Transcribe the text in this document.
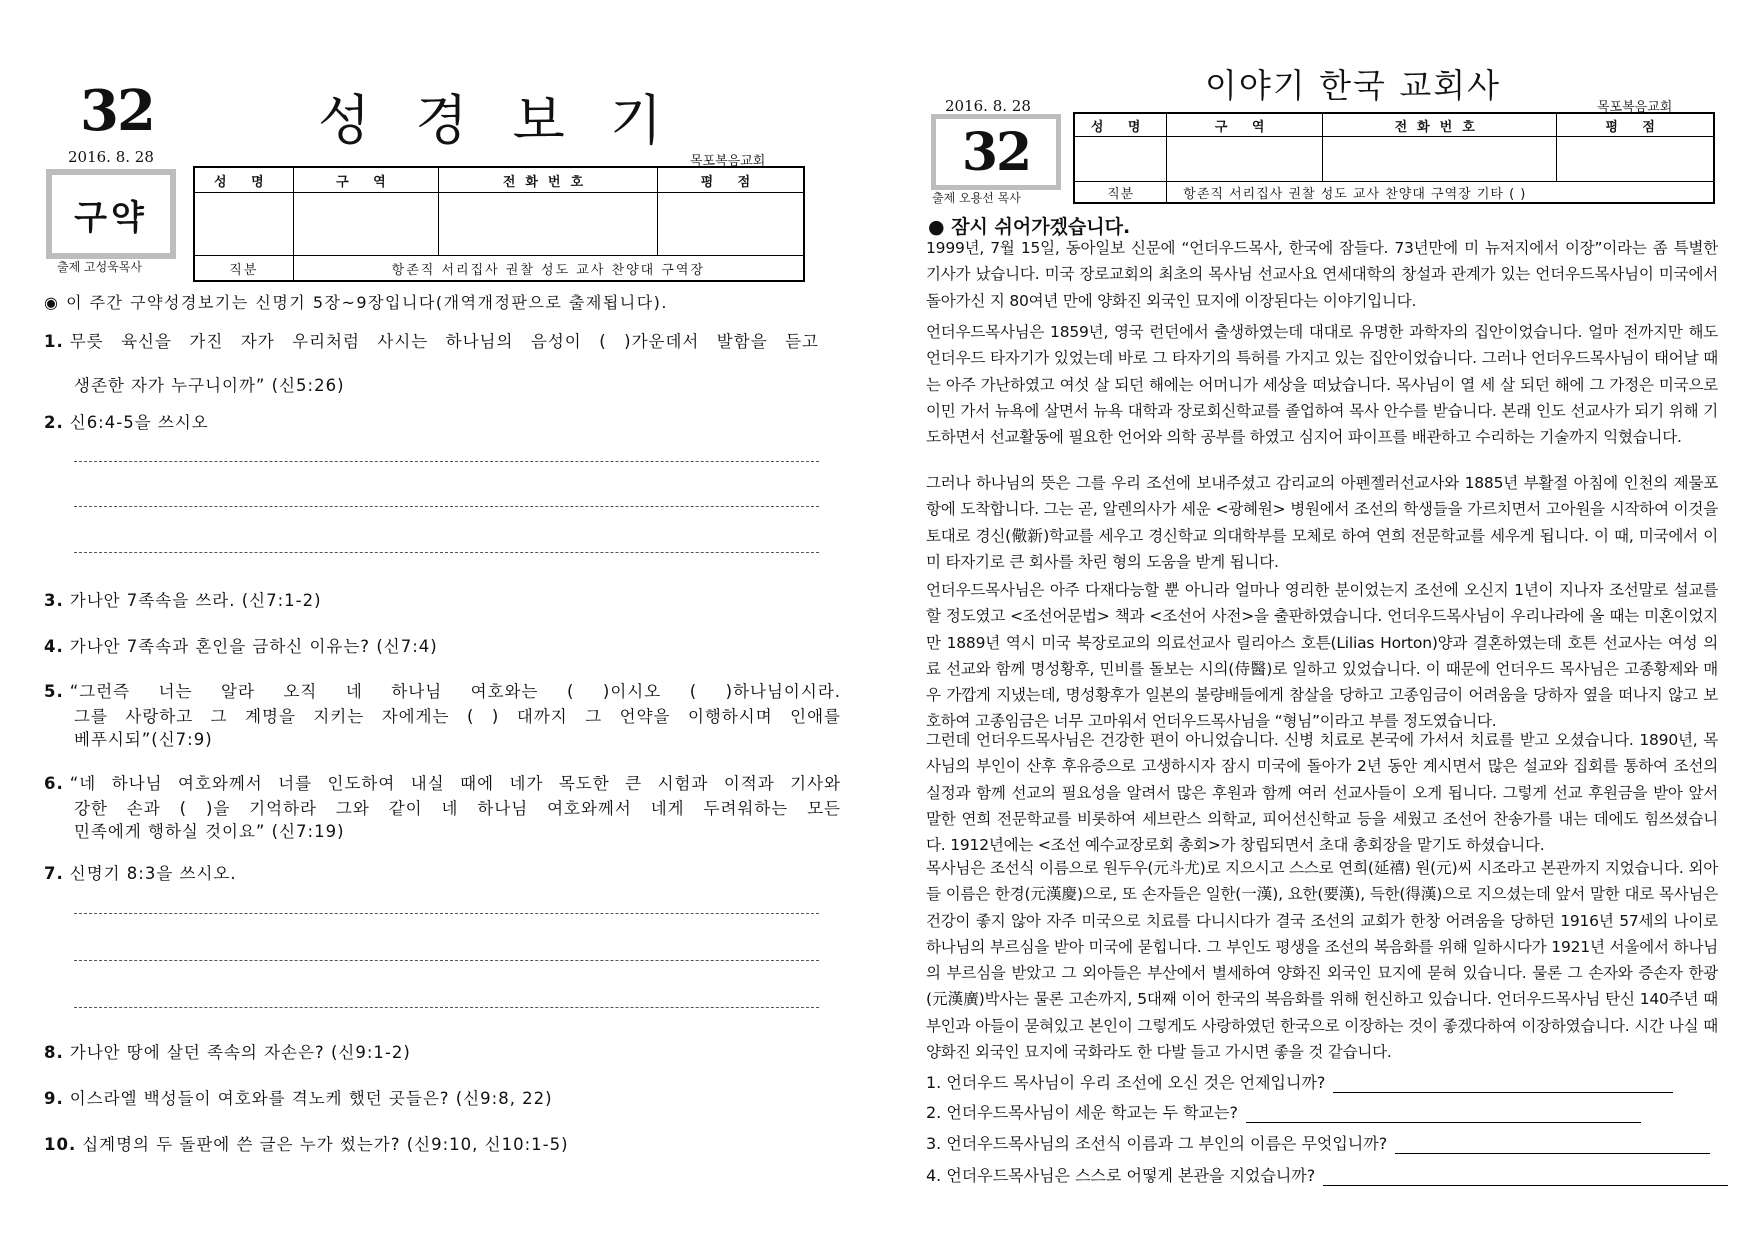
32	성 경 보 기
2016. 8. 28	목포복음교회
구약
출제 고성욱목사
성 명	구 역	전화번호	평 점

직분	항존직 서리집사 권찰 성도 교사 찬양대 구역장		
◉ 이 주간 구약성경보기는 신명기 5장~9장입니다(개역개정판으로 출제됩니다).
1. 무릇 육신을 가진 자가 우리처럼 사시는 하나님의 음성이 ( )가운데서 발함을 듣고
생존한 자가 누구니이까” (신5:26)
2. 신6:4-5을 쓰시오
3. 가나안 7족속을 쓰라. (신7:1-2)
4. 가나안 7족속과 혼인을 금하신 이유는? (신7:4)
5. “그런즉 너는 알라 오직 네 하나님 여호와는 ( )이시오 ( )하나님이시라.
그를 사랑하고 그 계명을 지키는 자에게는 ( ) 대까지 그 언약을 이행하시며 인애를
베푸시되”(신7:9)
6. “네 하나님 여호와께서 너를 인도하여 내실 때에 네가 목도한 큰 시험과 이적과 기사와
강한 손과 ( )을 기억하라 그와 같이 네 하나님 여호와께서 네게 두려워하는 모든
민족에게 행하실 것이요” (신7:19)
7. 신명기 8:3을 쓰시오.
8. 가나안 땅에 살던 족속의 자손은? (신9:1-2)
9. 이스라엘 백성들이 여호와를 격노케 했던 곳들은? (신9:8, 22)
10. 십계명의 두 돌판에 쓴 글은 누가 썼는가? (신9:10, 신10:1-5)
이야기 한국 교회사
2016. 8. 28	목포복음교회
32
출제 오용선 목사
성 명	구 역	전화번호	평 점

직분	항존직 서리집사 권찰 성도 교사 찬양대 구역장 기타 ( )		
● 잠시 쉬어가겠습니다.
1999년, 7월 15일, 동아일보 신문에 “언더우드목사, 한국에 잠들다. 73년만에 미 뉴저지에서 이장”이라는 좀 특별한 기사가 났습니다. 미국 장로교회의 최초의 목사님 선교사요 연세대학의 창설과 관계가 있는 언더우드목사님이 미국에서 돌아가신 지 80여년 만에 양화진 외국인 묘지에 이장된다는 이야기입니다.
언더우드목사님은 1859년, 영국 런던에서 출생하였는데 대대로 유명한 과학자의 집안이었습니다. 얼마 전까지만 해도 언더우드 타자기가 있었는데 바로 그 타자기의 특허를 가지고 있는 집안이었습니다. 그러나 언더우드목사님이 태어날 때는 아주 가난하였고 여섯 살 되던 해에는 어머니가 세상을 떠났습니다. 목사님이 열 세 살 되던 해에 그 가정은 미국으로 이민 가서 뉴욕에 살면서 뉴욕 대학과 장로회신학교를 졸업하여 목사 안수를 받습니다. 본래 인도 선교사가 되기 위해 기도하면서 선교활동에 필요한 언어와 의학 공부를 하였고 심지어 파이프를 배관하고 수리하는 기술까지 익혔습니다.
그러나 하나님의 뜻은 그를 우리 조선에 보내주셨고 감리교의 아펜젤러선교사와 1885년 부활절 아침에 인천의 제물포 항에 도착합니다. 그는 곧, 알렌의사가 세운 <광혜원> 병원에서 조선의 학생들을 가르치면서 고아원을 시작하여 이것을 토대로 경신(儆新)학교를 세우고 경신학교 의대학부를 모체로 하여 연희 전문학교를 세우게 됩니다. 이 때, 미국에서 이미 타자기로 큰 회사를 차린 형의 도움을 받게 됩니다.
언더우드목사님은 아주 다재다능할 뿐 아니라 얼마나 영리한 분이었는지 조선에 오신지 1년이 지나자 조선말로 설교를 할 정도였고 <조선어문법> 책과 <조선어 사전>을 출판하였습니다. 언더우드목사님이 우리나라에 올 때는 미혼이었지만 1889년 역시 미국 북장로교의 의료선교사 릴리아스 호튼(Lilias Horton)양과 결혼하였는데 호튼 선교사는 여성 의료 선교와 함께 명성황후, 민비를 돌보는 시의(侍醫)로 일하고 있었습니다. 이 때문에 언더우드 목사님은 고종황제와 매우 가깝게 지냈는데, 명성황후가 일본의 불량배들에게 참살을 당하고 고종임금이 어려움을 당하자 옆을 떠나지 않고 보호하여 고종임금은 너무 고마워서 언더우드목사님을 “형님”이라고 부를 정도였습니다.
그런데 언더우드목사님은 건강한 편이 아니었습니다. 신병 치료로 본국에 가서서 치료를 받고 오셨습니다. 1890년, 목사님의 부인이 산후 후유증으로 고생하시자 잠시 미국에 돌아가 2년 동안 계시면서 많은 설교와 집회를 통하여 조선의 실정과 함께 선교의 필요성을 알려서 많은 후원과 함께 여러 선교사들이 오게 됩니다. 그렇게 선교 후원금을 받아 앞서 말한 연희 전문학교를 비롯하여 세브란스 의학교, 피어선신학교 등을 세웠고 조선어 찬송가를 내는 데에도 힘쓰셨습니다. 1912년에는 <조선 예수교장로회 총회>가 창립되면서 초대 총회장을 맡기도 하셨습니다.
목사님은 조선식 이름으로 원두우(元斗尤)로 지으시고 스스로 연희(延禧) 원(元)씨 시조라고 본관까지 지었습니다. 외아들 이름은 한경(元漢慶)으로, 또 손자들은 일한(一漢), 요한(要漢), 득한(得漢)으로 지으셨는데 앞서 말한 대로 목사님은 건강이 좋지 않아 자주 미국으로 치료를 다니시다가 결국 조선의 교회가 한창 어려움을 당하던 1916년 57세의 나이로 하나님의 부르심을 받아 미국에 묻힙니다. 그 부인도 평생을 조선의 복음화를 위해 일하시다가 1921년 서울에서 하나님의 부르심을 받았고 그 외아들은 부산에서 별세하여 양화진 외국인 묘지에 묻혀 있습니다. 물론 그 손자와 증손자 한광(元漢廣)박사는 물론 고손까지, 5대째 이어 한국의 복음화를 위해 헌신하고 있습니다. 언더우드목사님 탄신 140주년 때 부인과 아들이 묻혀있고 본인이 그렇게도 사랑하였던 한국으로 이장하는 것이 좋겠다하여 이장하였습니다. 시간 나실 때 양화진 외국인 묘지에 국화라도 한 다발 들고 가시면 좋을 것 같습니다.
1. 언더우드 목사님이 우리 조선에 오신 것은 언제입니까?
2. 언더우드목사님이 세운 학교는 두 학교는?
3. 언더우드목사님의 조선식 이름과 그 부인의 이름은 무엇입니까?
4. 언더우드목사님은 스스로 어떻게 본관을 지었습니까?
